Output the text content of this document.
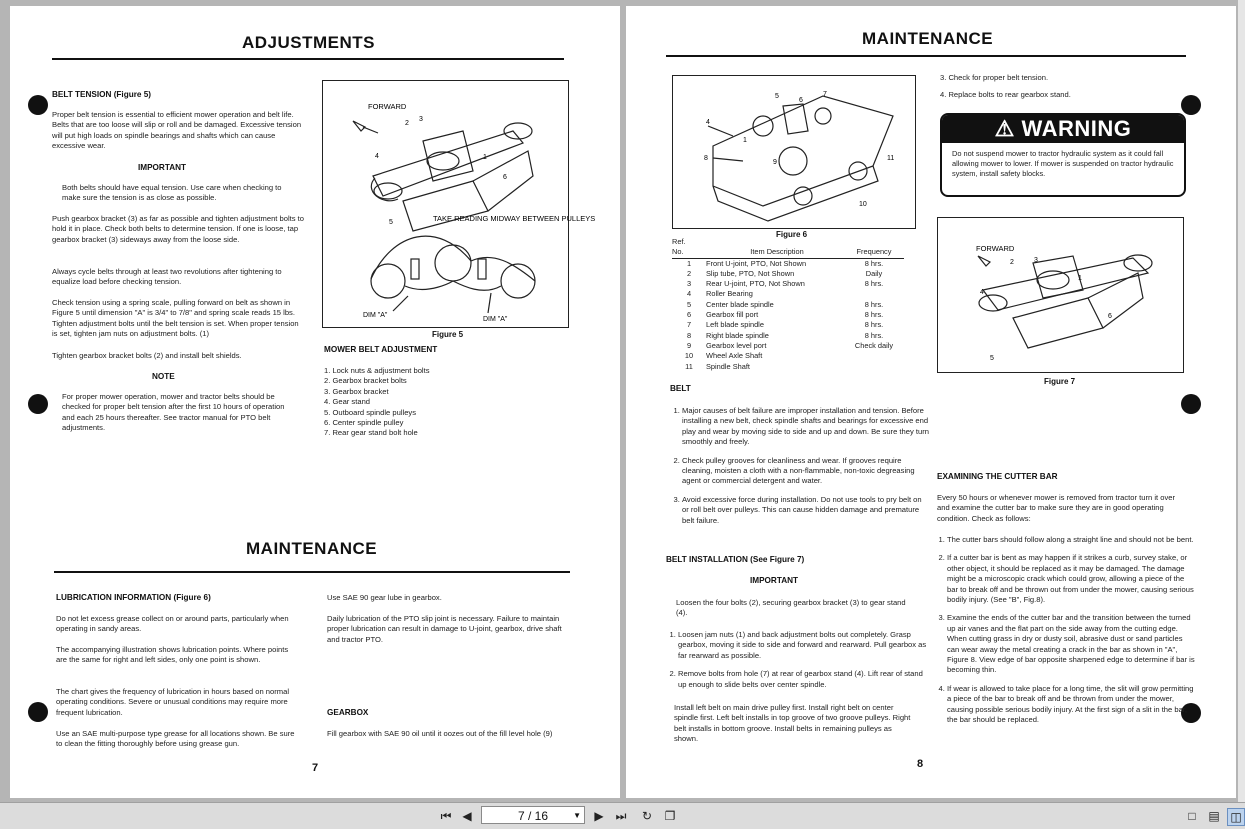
ADJUSTMENTS
BELT TENSION (Figure 5)
Proper belt tension is essential to efficient mower operation and belt life. Belts that are too loose will slip or roll and be damaged. Excessive tension will put high loads on spindle bearings and shafts which can cause excessive wear.
IMPORTANT
Both belts should have equal tension. Use care when checking to make sure the tension is as close as possible.
Push gearbox bracket (3) as far as possible and tighten adjustment bolts to hold it in place. Check both belts to determine tension. If one is loose, tap gearbox bracket (3) sideways away from the loose side.
Always cycle belts through at least two revolutions after tightening to equalize load before checking tension.
Check tension using a spring scale, pulling forward on belt as shown in Figure 5 until dimension "A" is 3/4" to 7/8" and spring scale reads 15 lbs. Tighten adjustment bolts until the belt tension is set. When proper tension is set, tighten jam nuts on adjustment bolts. (1)
Tighten gearbox bracket bolts (2) and install belt shields.
NOTE
For proper mower operation, mower and tractor belts should be checked for proper belt tension after the first 10 hours of operation and each 25 hours thereafter. See tractor manual for PTO belt adjustments.
FORWARD
TAKE READING MIDWAY BETWEEN PULLEYS
DIM "A"
DIM "A"
1
2
3
4
5
6
Figure 5
MOWER BELT ADJUSTMENT
1. Lock nuts & adjustment bolts
2. Gearbox bracket bolts
3. Gearbox bracket
4. Gear stand
5. Outboard spindle pulleys
6. Center spindle pulley
7. Rear gear stand bolt hole
MAINTENANCE
LUBRICATION INFORMATION (Figure 6)
Do not let excess grease collect on or around parts, particularly when operating in sandy areas.
The accompanying illustration shows lubrication points. Where points are the same for right and left sides, only one point is shown.
The chart gives the frequency of lubrication in hours based on normal operating conditions. Severe or unusual conditions may require more frequent lubrication.
Use an SAE multi-purpose type grease for all locations shown. Be sure to clean the fitting thoroughly before using grease gun.
Use SAE 90 gear lube in gearbox.
Daily lubrication of the PTO slip joint is necessary. Failure to maintain proper lubrication can result in damage to U-joint, gearbox, drive shaft and tractor PTO.
GEARBOX
Fill gearbox with SAE 90 oil until it oozes out of the fill level hole (9)
7
MAINTENANCE
5
6
7
4
8
9
10
11
1
Figure 6
Ref.
No.	Item Description	Frequency
1	Front U-joint, PTO, Not Shown	8 hrs.
2	Slip tube, PTO, Not Shown	Daily
3	Rear U-joint, PTO, Not Shown	8 hrs.
4	Roller Bearing
5	Center blade spindle	8 hrs.
6	Gearbox fill port	8 hrs.
7	Left blade spindle	8 hrs.
8	Right blade spindle	8 hrs.
9	Gearbox level port	Check daily
10	Wheel Axle Shaft
11	Spindle Shaft
BELT
1. Major causes of belt failure are improper installation and tension. Before installing a new belt, check spindle shafts and bearings for excessive end play and wear by moving side to side and up and down. Be sure they turn smoothly and freely.
2. Check pulley grooves for cleanliness and wear. If grooves require cleaning, moisten a cloth with a non-flammable, non-toxic degreasing agent or commercial detergent and water.
3. Avoid excessive force during installation. Do not use tools to pry belt on or roll belt over pulleys. This can cause hidden damage and premature belt failure.
BELT INSTALLATION (See Figure 7)
IMPORTANT
Loosen the four bolts (2), securing gearbox bracket (3) to gear stand (4).
1. Loosen jam nuts (1) and back adjustment bolts out completely. Grasp gearbox, moving it side to side and forward and rearward. Pull gearbox as far rearward as possible.
2. Remove bolts from hole (7) at rear of gearbox stand (4). Lift rear of stand up enough to slide belts over center spindle.
Install left belt on main drive pulley first. Install right belt on center spindle first. Left belt installs in top groove of two groove pulleys. Right belt installs in bottom groove. Install belts in remaining pulleys as shown.
3. Check for proper belt tension.
4. Replace bolts to rear gearbox stand.
⚠ WARNING
Do not suspend mower to tractor hydraulic system as it could fall allowing mower to lower. If mower is suspended on tractor hydraulic system, install safety blocks.
FORWARD
1
2	3
4
5
6
Figure 7
EXAMINING THE CUTTER BAR
Every 50 hours or whenever mower is removed from tractor turn it over and examine the cutter bar to make sure they are in good operating condition. Check as follows:
1. The cutter bars should follow along a straight line and should not be bent.
2. If a cutter bar is bent as may happen if it strikes a curb, survey stake, or other object, it should be replaced as it may be damaged. The damage might be a microscopic crack which could grow, allowing a piece of the bar to break off and be thrown out from under the mower, causing serious bodily injury. (See "B", Fig.8).
3. Examine the ends of the cutter bar and the transition between the turned up air vanes and the flat part on the side away from the cutting edge. When cutting grass in dry or dusty soil, abrasive dust or sand particles can wear away the metal creating a crack in the bar as shown in "A", Figure 8. View edge of bar opposite sharpened edge to determine if bar is becoming thin.
4. If wear is allowed to take place for a long time, the slit will grow permitting a piece of the bar to break off and be thrown from under the mower, causing possible serious bodily injury. At the first sign of a slit in the bar, the bar should be replaced.
8
⏮ ◀	7 / 16	▼ ▶ ⏭ ↻ ❐	□	▤ ◫
